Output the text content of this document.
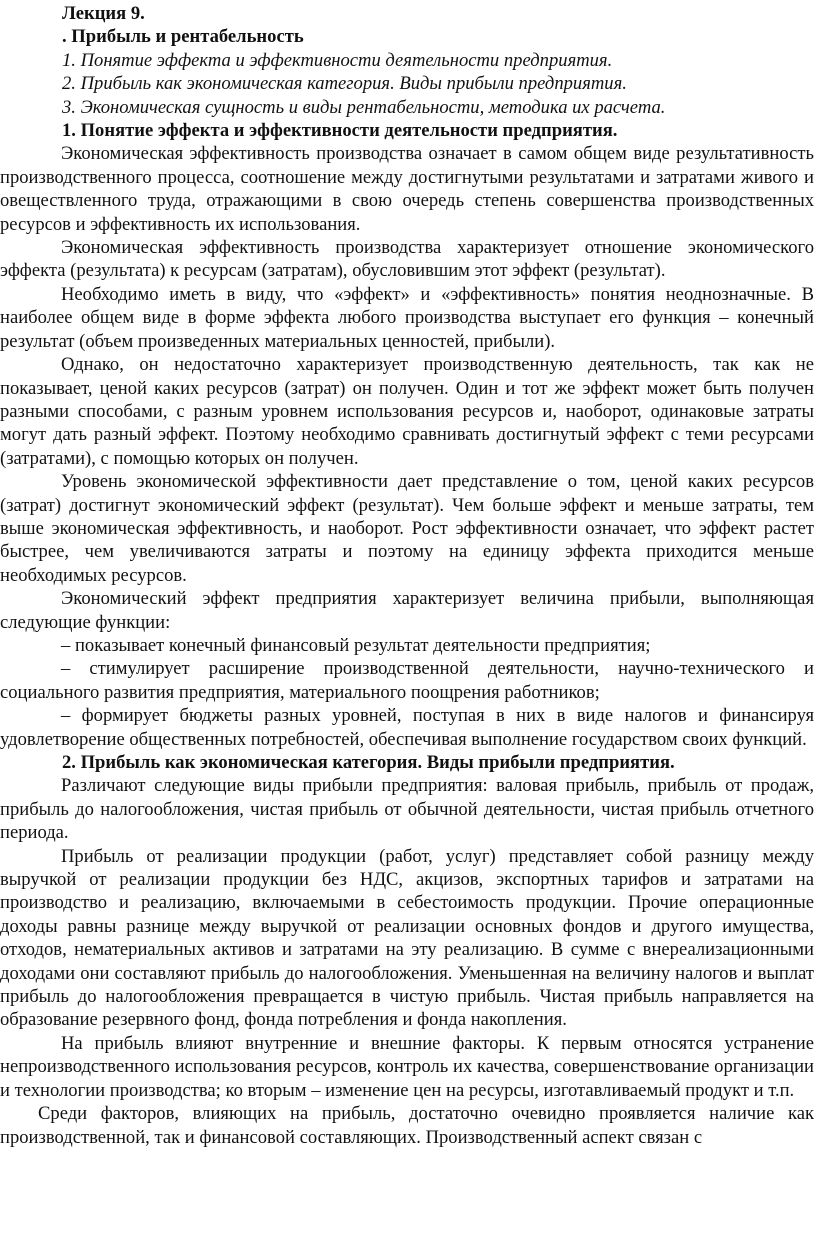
Лекция 9.

. Прибыль и рентабельность

1. Понятие эффекта и эффективности деятельности предприятия.

2. Прибыль как экономическая категория. Виды прибыли предприятия.

3. Экономическая сущность и виды рентабельности, методика их расчета.

1. Понятие эффекта и эффективности деятельности предприятия.

Экономическая эффективность производства означает в самом общем виде результативность производственного процесса, соотношение между достигнутыми результатами и затратами живого и овеществленного труда, отражающими в свою очередь степень совершенства производственных ресурсов и эффективность их использования.

Экономическая эффективность производства характеризует отношение экономического эффекта (результата) к ресурсам (затратам), обусловившим этот эффект (результат).

Необходимо иметь в виду, что «эффект» и «эффективность» понятия неоднозначные. В наиболее общем виде в форме эффекта любого производства выступает его функция – конечный результат (объем произведенных материальных ценностей, прибыли).

Однако, он недостаточно характеризует производственную деятельность, так как не показывает, ценой каких ресурсов (затрат) он получен. Один и тот же эффект может быть получен разными способами, с разным уровнем использования ресурсов и, наоборот, одинаковые затраты могут дать разный эффект. Поэтому необходимо сравнивать достигнутый эффект с теми ресурсами (затратами), с помощью которых он получен.

Уровень экономической эффективности дает представление о том, ценой каких ресурсов (затрат) достигнут экономический эффект (результат). Чем больше эффект и меньше затраты, тем выше экономическая эффективность, и наоборот. Рост эффективности означает, что эффект растет быстрее, чем увеличиваются затраты и поэтому на единицу эффекта приходится меньше необходимых ресурсов.

Экономический эффект предприятия характеризует величина прибыли, выполняющая следующие функции:

– показывает конечный финансовый результат деятельности предприятия;

– стимулирует расширение производственной деятельности, научно-технического и социального развития предприятия, материального поощрения работников;

– формирует бюджеты разных уровней, поступая в них в виде налогов и финансируя удовлетворение общественных потребностей, обеспечивая выполнение государством своих функций.

2. Прибыль как экономическая категория. Виды прибыли предприятия.

Различают следующие виды прибыли предприятия: валовая прибыль, прибыль от продаж, прибыль до налогообложения, чистая прибыль от обычной деятельности, чистая прибыль отчетного периода.

Прибыль от реализации продукции (работ, услуг) представляет собой разницу между выручкой от реализации продукции без НДС, акцизов, экспортных тарифов и затратами на производство и реализацию, включаемыми в себестоимость продукции. Прочие операционные доходы равны разнице между выручкой от реализации основных фондов и другого имущества, отходов, нематериальных активов и затратами на эту реализацию. В сумме с внереализационными доходами они составляют прибыль до налогообложения. Уменьшенная на величину налогов и выплат прибыль до налогообложения превращается в чистую прибыль. Чистая прибыль направляется на образование резервного фонд, фонда потребления и фонда накопления.

На прибыль влияют внутренние и внешние факторы. К первым относятся устранение непроизводственного использования ресурсов, контроль их качества, совершенствование организации и технологии производства; ко вторым – изменение цен на ресурсы, изготавливаемый продукт и т.п.

Среди факторов, влияющих на прибыль, достаточно очевидно проявляется наличие как производственной, так и финансовой составляющих. Производственный аспект связан с
